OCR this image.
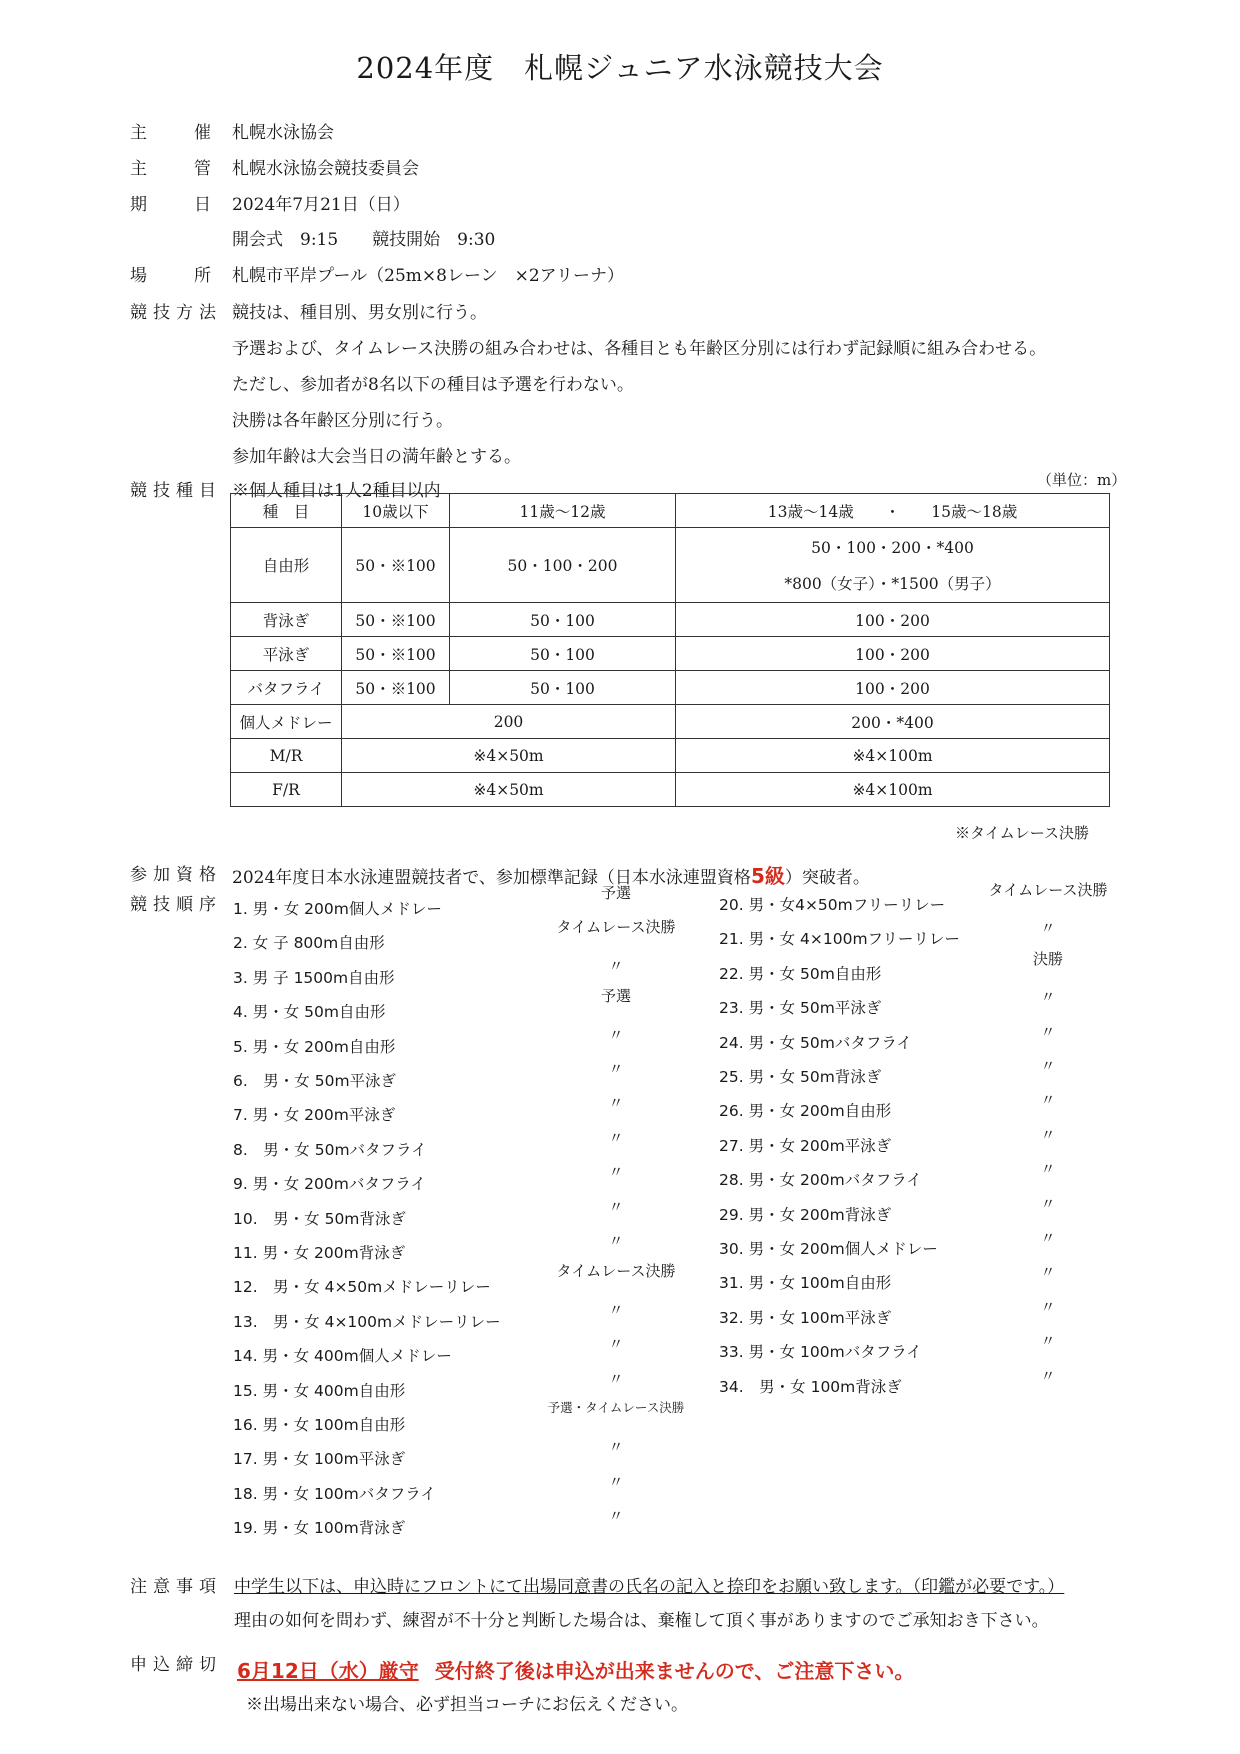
2024年度　札幌ジュニア水泳競技大会
主　催 札幌水泳協会
主　管 札幌水泳協会競技委員会
期　日 2024年7月21日（日）
開会式　9:15　　競技開始　9:30
場　所 札幌市平岸プール（25m×8レーン　×2アリーナ）
競技方法 競技は、種目別、男女別に行う。
予選および、タイムレース決勝の組み合わせは、各種目とも年齢区分別には行わず記録順に組み合わせる。
ただし、参加者が8名以下の種目は予選を行わない。
決勝は各年齢区分別に行う。
参加年齢は大会当日の満年齢とする。
競技種目 ※個人種目は1人2種目以内
（単位：m）
種　目	10歳以下	11歳〜12歳	13歳〜14歳　　・　　15歳〜18歳
自由形	50・※100	50・100・200	50・100・200・*400
*800（女子）・*1500（男子）

背泳ぎ	50・※100	50・100	100・200
平泳ぎ	50・※100	50・100	100・200
バタフライ	50・※100	50・100	100・200
個人メドレー	200		200・*400
M/R	※4×50m		※4×100m
F/R	※4×50m		※4×100m
※タイムレース決勝
参加資格 2024年度日本水泳連盟競技者で、参加標準記録（日本水泳連盟資格5級）突破者。
競技順序 1. 男・女 200m個人メドレー
予選
2. 女 子 800m自由形
タイムレース決勝
3. 男 子 1500m自由形
〃
4. 男・女 50m自由形
予選
5. 男・女 200m自由形
〃
6.　男・女 50m平泳ぎ
〃
7. 男・女 200m平泳ぎ
〃
8.　男・女 50mバタフライ
〃
9. 男・女 200mバタフライ
〃
10.　男・女 50m背泳ぎ
〃
11. 男・女 200m背泳ぎ
〃
12.　男・女 4×50mメドレーリレー
タイムレース決勝
13.　男・女 4×100mメドレーリレー
〃
14. 男・女 400m個人メドレー
〃
15. 男・女 400m自由形
〃
16. 男・女 100m自由形
予選・タイムレース決勝
17. 男・女 100m平泳ぎ
〃
18. 男・女 100mバタフライ
〃
19. 男・女 100m背泳ぎ
〃
20. 男・女4×50mフリーリレー
タイムレース決勝
21. 男・女 4×100mフリーリレー
〃
22. 男・女 50m自由形
決勝
23. 男・女 50m平泳ぎ
〃
24. 男・女 50mバタフライ
〃
25. 男・女 50m背泳ぎ
〃
26. 男・女 200m自由形
〃
27. 男・女 200m平泳ぎ
〃
28. 男・女 200mバタフライ
〃
29. 男・女 200m背泳ぎ
〃
30. 男・女 200m個人メドレー
〃
31. 男・女 100m自由形
〃
32. 男・女 100m平泳ぎ
〃
33. 男・女 100mバタフライ
〃
34.　男・女 100m背泳ぎ
〃
注意事項 中学生以下は、申込時にフロントにて出場同意書の氏名の記入と捺印をお願い致します。（印鑑が必要です。）
理由の如何を問わず、練習が不十分と判断した場合は、棄権して頂く事がありますのでご承知おき下さい。
申込締切 6月12日（水）厳守 受付終了後は申込が出来ませんので、ご注意下さい。
※出場出来ない場合、必ず担当コーチにお伝えください。
